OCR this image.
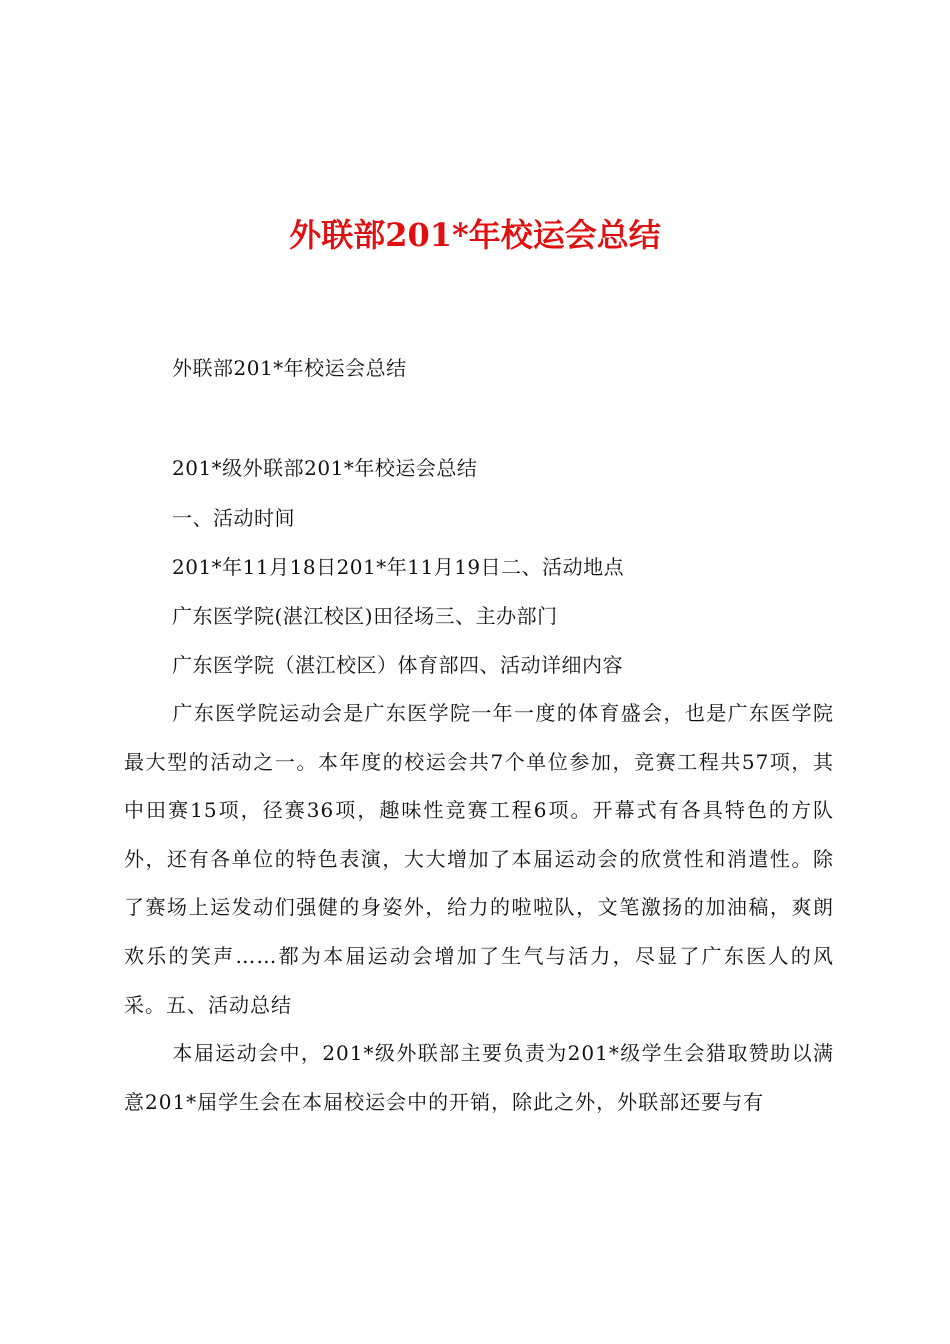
外联部201*年校运会总结
外联部201*年校运会总结
201*级外联部201*年校运会总结
一、活动时间
201*年11月18日201*年11月19日二、活动地点
广东医学院(湛江校区)田径场三、主办部门
广东医学院（湛江校区）体育部四、活动详细内容
广东医学院运动会是广东医学院一年一度的体育盛会，也是广东医学院最大型的活动之一。本年度的校运会共7个单位参加，竞赛工程共57项，其中田赛15项，径赛36项，趣味性竞赛工程6项。开幕式有各具特色的方队外，还有各单位的特色表演，大大增加了本届运动会的欣赏性和消遣性。除了赛场上运发动们强健的身姿外，给力的啦啦队，文笔激扬的加油稿，爽朗欢乐的笑声……都为本届运动会增加了生气与活力，尽显了广东医人的风采。五、活动总结
本届运动会中，201*级外联部主要负责为201*级学生会猎取赞助以满意201*届学生会在本届校运会中的开销，除此之外，外联部还要与有
